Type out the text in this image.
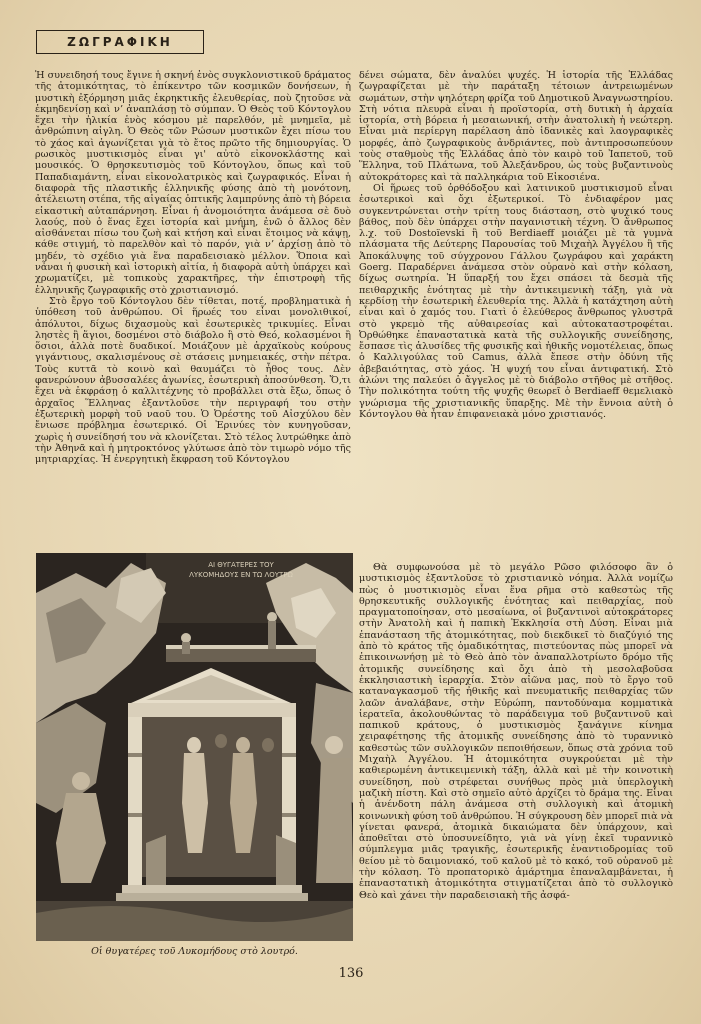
ΖΩΓΡΑΦΙΚΗ

Ἡ συνειδησή τους ἔγινε ἡ σκηνή ἑνὸς συγκλονιστικοῦ δράματος τῆς ἀτομικότητας, τὸ ἐπίκεντρο τῶν κοσμικῶν δονήσεων, ἡ μυστικὴ ἐξόρμηση μιᾶς ἐκρηκτικῆς ἐλευθερίας, ποὺ ζητοῦσε νὰ ἐκμηδενίσῃ καὶ νʼ ἀναπλάσῃ τὸ σύμπαν. Ὁ Θεὸς τοῦ Κόντογλου ἔχει τὴν ἡλικία ἑνὸς κόσμου μὲ παρελθόν, μὲ μνημεῖα, μὲ ἀνθρώπινη αἰγλη. Ὁ Θεὸς τῶν Ρώσων μυστικῶν ἔχει πίσω του τὸ χάος καὶ ἀγωνίζεται γιὰ τὸ ἔτος πρῶτο τῆς δημιουργίας. Ὁ ρωσικὸς μυστικισμὸς εἶναι γι' αὐτὸ εἰκονοκλάστης καὶ μουσικός. Ὁ θρησκευτισμὸς τοῦ Κόντογλου, ὅπως καὶ τοῦ Παπαδιαμάντη, εἶναι εἰκονολατρικὸς καὶ ζωγραφικός. Εἶναι ἡ διαφορὰ τῆς πλαστικῆς ἑλληνικῆς φύσης ἀπὸ τὴ μονότονη, ἀτέλειωτη στέπα, τῆς αἰγαίας ὀπτικῆς λαμπρύνης ἀπὸ τὴ βόρεια εἰκαστικὴ αὐταπάρνηση. Εἶναι ἡ ἀνομοιότητα ἀνάμεσα σὲ δυὸ λαούς, ποὺ ὁ ἕνας ἔχει ἱστορία καὶ μνήμη, ἐνῶ ὁ ἄλλος δὲν αἰσθάνεται πίσω του ζωὴ καὶ κτήση καὶ εἶναι ἕτοιμος νὰ κάψῃ, κάθε στιγμή, τὸ παρελθὸν καὶ τὸ παρόν, γιὰ νʼ ἀρχίσῃ ἀπὸ τὸ μηδέν, τὸ σχέδιο γιὰ ἕνα παραδεισιακὸ μέλλον. Ὅποια καὶ νἆναι ἡ φυσικὴ καὶ ἱστορικὴ αἰτία, ἡ διαφορὰ αὐτὴ ὑπάρχει καὶ χρωματίζει, μὲ τοπικοὺς χαρακτῆρες, τὴν ἐπιστροφὴ τῆς ἑλληνικῆς ζωγραφικῆς στὸ χριστιανισμό.

Στὸ ἔργο τοῦ Κόντογλου δὲν τίθεται, ποτέ, προβληματικὰ ἡ ὑπόθεση τοῦ ἀνθρώπου. Οἱ ἥρωές του εἶναι μονολιθικοί, ἀπόλυτοι, δίχως διχασμοὺς καὶ ἐσωτερικὲς τρικυμίες. Εἶναι ληστὲς ἢ ἅγιοι, δοσμένοι στὸ διάβολο ἢ στὸ Θεό, κολασμένοι ἢ ὅσιοι, ἀλλὰ ποτὲ δυαδικοί. Μοιάζουν μὲ ἀρχαϊκοὺς κούρους γιγάντιους, σκαλισμένους σὲ στάσεις μνημειακές, στὴν πέτρα. Τοὺς κυττᾶ τὸ κοινὸ καὶ θαυμάζει τὸ ἦθος τους. Δὲν φανερώνουν ἀβυσσαλέες ἀγωνίες, ἐσωτερικὴ ἀποσύνθεση. Ὅ,τι ἔχει νὰ ἐκφράσῃ ὁ καλλιτέχνης τὸ προβάλλει στὰ ἔξω, ὅπως ὁ ἀρχαῖος Ἕλληνας ἐξαντλοῦσε τὴν περιγραφή του στὴν ἐξωτερικὴ μορφὴ τοῦ ναοῦ του. Ὁ Ὀρέστης τοῦ Αἰσχύλου δὲν ἔνιωσε πρόβλημα ἐσωτερικό. Οἱ Ἐρινύες τὸν κυνηγοῦσαν, χωρὶς ἡ συνείδησή του νὰ κλονίζεται. Στὸ τέλος λυτρώθηκε ἀπὸ τὴν Ἀθηνᾶ καὶ ἡ μητροκτόνος γλύτωσε ἀπὸ τὸν τιμωρὸ νόμο τῆς μητριαρχίας. Ἡ ἐνεργητικὴ ἔκφραση τοῦ Κόντογλου

δένει σώματα, δὲν ἀναλύει ψυχές. Ἡ ἱστορία τῆς Ἑλλάδας ζωγραφίζεται μὲ τὴν παράταξη τέτοιων ἀντρειωμένων σωμάτων, στὴν ψηλότερη φρίζα τοῦ Δημοτικοῦ Ἀναγνωστηρίου. Στὴ νότια πλευρὰ εἶναι ἡ προϊστορία, στὴ δυτικὴ ἡ ἀρχαία ἱστορία, στὴ βόρεια ἡ μεσαιωνική, στὴν ἀνατολικὴ ἡ νεώτερη. Εἶναι μιὰ περίεργη παρέλαση ἀπὸ ἰδανικὲς καὶ λαογραφικὲς μορφές, ἀπὸ ζωγραφικοὺς ἀνδριάντες, ποὺ ἀντιπροσωπεύουν τοὺς σταθμοὺς τῆς Ἑλλάδας ἀπὸ τὸν καιρὸ τοῦ Ἰαπετοῦ, τοῦ Ἕλληνα, τοῦ Πλάτωνα, τοῦ Ἀλεξάνδρου, ὡς τοὺς βυζαντινοὺς αὐτοκράτορες καὶ τὰ παλληκάρια τοῦ Εἰκοσιένα.

Οἱ ἥρωες τοῦ ὀρθόδοξου καὶ λατινικοῦ μυστικισμοῦ εἶναι ἐσωτερικοὶ καὶ ὄχι ἐξωτερικοί. Τὸ ἐνδιαφέρον μας συγκεντρώνεται στὴν τρίτη τους διάσταση, στὸ ψυχικό τους βάθος, ποὺ δὲν ὑπάρχει στὴν παγανιστικὴ τέχνη. Ὁ ἄνθρωπος λ.χ. τοῦ Dostoïevski ἢ τοῦ Berdiaeff μοιάζει μὲ τὰ γυμνὰ πλάσματα τῆς Δεύτερης Παρουσίας τοῦ Μιχαὴλ Ἀγγέλου ἢ τῆς Ἀποκάλυψης τοῦ σύγχρονου Γάλλου ζωγράφου καὶ χαράκτη Goerg. Παραδέρνει ἀνάμεσα στὸν οὐρανὸ καὶ στὴν κόλαση, δίχως σωτηρία. Ἡ ὕπαρξή του ἔχει σπάσει τὰ δεσμὰ τῆς πειθαρχικῆς ἑνότητας μὲ τὴν ἀντικειμενικὴ τάξη, γιὰ νὰ κερδίσῃ τὴν ἐσωτερικὴ ἐλευθερία της. Ἀλλὰ ἡ κατάχτηση αὐτὴ εἶναι καὶ ὁ χαμός του. Γιατὶ ὁ ἐλεύθερος ἄνθρωπος γλυστρᾶ στὸ γκρεμὸ τῆς αὐθαιρεσίας καὶ αὐτοκαταστροφέται. Ὀρθώθηκε ἐπαναστατικὰ κατὰ τῆς συλλογικῆς συνείδησης, ἔσπασε τὶς ἁλυσίδες τῆς φυσικῆς καὶ ἠθικῆς νομοτέλειας, ὅπως ὁ Καλλιγούλας τοῦ Camus, ἀλλὰ ἔπεσε στὴν ὀδύνη τῆς ἀβεβαιότητας, στὸ χάος. Ἡ ψυχή του εἶναι ἀντιφατική. Στὸ ἁλώνι της παλεύει ὁ ἄγγελος μὲ τὸ διάβολο στῆθος μὲ στῆθος. Τὴν πολικότητα τούτη τῆς ψυχῆς θεωρεῖ ὁ Berdiaeff θεμελιακὸ γνώρισμα τῆς χριστιανικῆς ὕπαρξης. Μὲ τὴν ἔννοια αὐτὴ ὁ Κόντογλου θὰ ἦταν ἐπιφανειακὰ μόνο χριστιανός.

Θὰ συμφωνούσα μὲ τὸ μεγάλο Ρῶσο φιλόσοφο ἂν ὁ μυστικισμὸς ἐξαντλοῦσε τὸ χριστιανικὸ νόημα. Ἀλλὰ νομίζω πὼς ὁ μυστικισμὸς εἶναι ἕνα ρῆμα στὸ καθεστὼς τῆς θρησκευτικῆς συλλογικῆς ἑνότητας καὶ πειθαρχίας, ποὺ πραγματοποίησαν, στὸ μεσαίωνα, οἱ βυζαντινοὶ αὐτοκράτορες στὴν Ἀνατολὴ καὶ ἡ παπικὴ Ἐκκλησία στὴ Δύση. Εἶναι μιὰ ἐπανάσταση τῆς ἀτομικότητας, ποὺ διεκδικεῖ τὸ διαζύγιό της ἀπὸ τὸ κράτος τῆς ὁμαδικότητας, πιστεύοντας πὼς μπορεῖ νὰ ἐπικοινωνήσῃ μὲ τὸ Θεὸ ἀπὸ τὸν ἀναπαλλοτρίωτο δρόμο τῆς ἀτομικῆς συνείδησης καὶ ὄχι ἀπὸ τὴ μεσολαβοῦσα ἐκκλησιαστικὴ ἱεραρχία. Στὸν αἰῶνα μας, ποὺ τὸ ἔργο τοῦ καταναγκασμοῦ τῆς ἠθικῆς καὶ πνευματικῆς πειθαρχίας τῶν λαῶν ἀναλάβανε, στὴν Εὐρώπη, παντοδύναμα κομματικὰ ἱερατεῖα, ἀκολουθώντας τὸ παράδειγμα τοῦ βυζαντινοῦ καὶ παπικοῦ κράτους, ὁ μυστικισμὸς ξανάγινε κίνημα χειραφέτησης τῆς ἀτομικῆς συνείδησης ἀπὸ τὸ τυραννικὸ καθεστὼς τῶν συλλογικῶν πεποιθήσεων, ὅπως στὰ χρόνια τοῦ Μιχαὴλ Ἀγγέλου. Ἡ ἀτομικότητα συγκρούεται μὲ τὴν καθιερωμένη ἀντικειμενικὴ τάξη, ἀλλὰ καὶ μὲ τὴν κοινοτικὴ συνείδηση, ποὺ στρέφεται συνήθως πρὸς μιὰ ὑπερλογικὴ μαζικὴ πίστη. Καὶ στὸ σημεῖο αὐτὸ ἀρχίζει τὸ δράμα της. Εἶναι ἡ ἀνένδοτη πάλη ἀνάμεσα στὴ συλλογικὴ καὶ ἀτομικὴ κοινωνικὴ φύση τοῦ ἀνθρώπου. Ἡ σύγκρουση δὲν μπορεῖ πιὰ νὰ γίνεται φανερά, ἀτομικὰ δικαιώματα δὲν ὑπάρχουν, καὶ ἀποθεῖται στὸ ὑποσυνείδητο, γιὰ νὰ γίνῃ ἐκεῖ τυραννικὸ σύμπλεγμα μιᾶς τραγικῆς, ἐσωτερικῆς ἐναντιοδρομίας τοῦ θείου μὲ τὸ δαιμονιακό, τοῦ καλοῦ μὲ τὸ κακό, τοῦ οὐρανοῦ μὲ τὴν κόλαση. Τὸ προπατορικὸ ἁμάρτημα ἐπαναλαμβάνεται, ἡ ἐπαναστατικὴ ἀτομικότητα στιγματίζεται ἀπὸ τὸ συλλογικὸ Θεὸ καὶ χάνει τὴν παραδεισιακὴ τῆς ἀσφά-

ΑΙ ΘΥΓΑΤΕΡΕΣ ΤΟΥ
ΛΥΚΟΜΗΔΟΥΣ ΕΝ ΤΩ ΛΟΥΤΡΩ
Οἱ θυγατέρες τοῦ Λυκομήδους στὸ λουτρό.
136
